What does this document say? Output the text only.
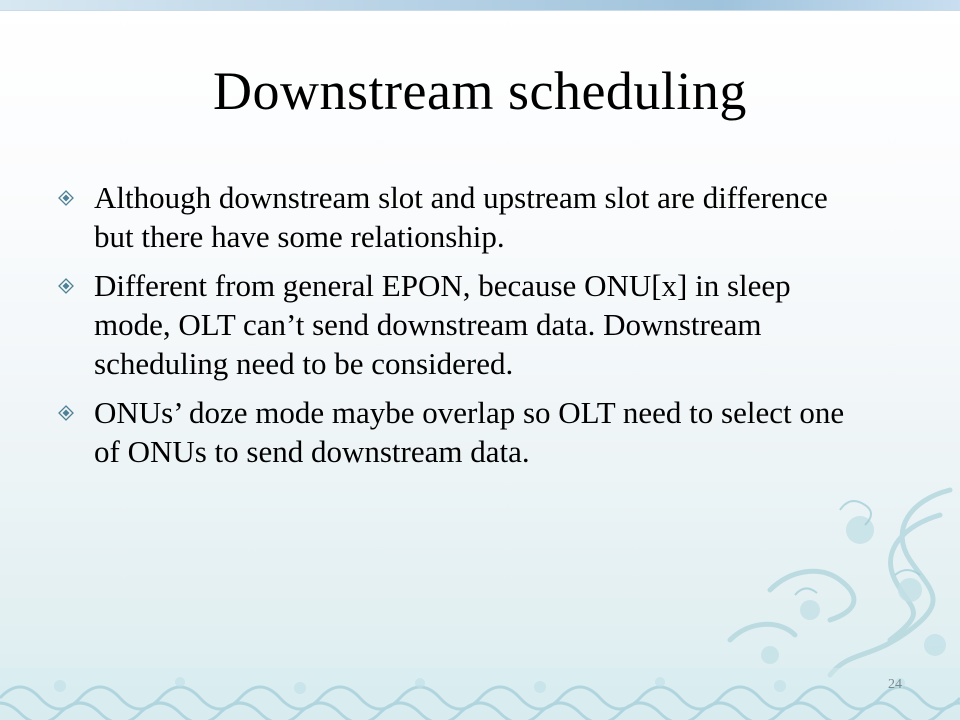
Downstream scheduling
Although downstream slot and upstream slot are difference but there have some relationship.
Different from general EPON, because ONU[x] in sleep mode, OLT can’t send downstream data. Downstream scheduling need to be considered.
ONUs’ doze mode maybe overlap so OLT need to select one of ONUs to send downstream data.
24
